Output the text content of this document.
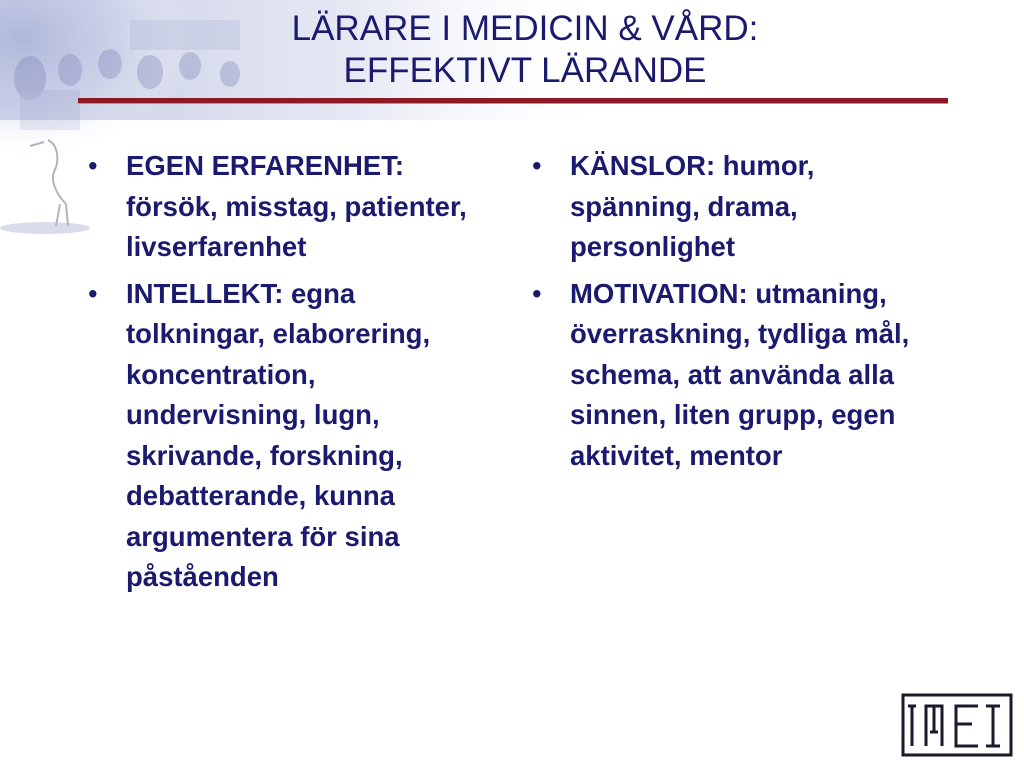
LÄRARE I MEDICIN & VÅRD:
EFFEKTIVT LÄRANDE
•	EGEN ERFARENHET:försök, misstag, patienter, livserfarenhet
•	INTELLEKT: egna tolkningar, elaborering, koncentration, undervisning, lugn, skrivande, forskning, debatterande, kunna argumentera för sina påståenden
•	KÄNSLOR: humor, spänning, drama, personlighet
•	MOTIVATION: utmaning, överraskning, tydliga mål, schema, att använda alla sinnen, liten grupp, egen aktivitet, mentor
